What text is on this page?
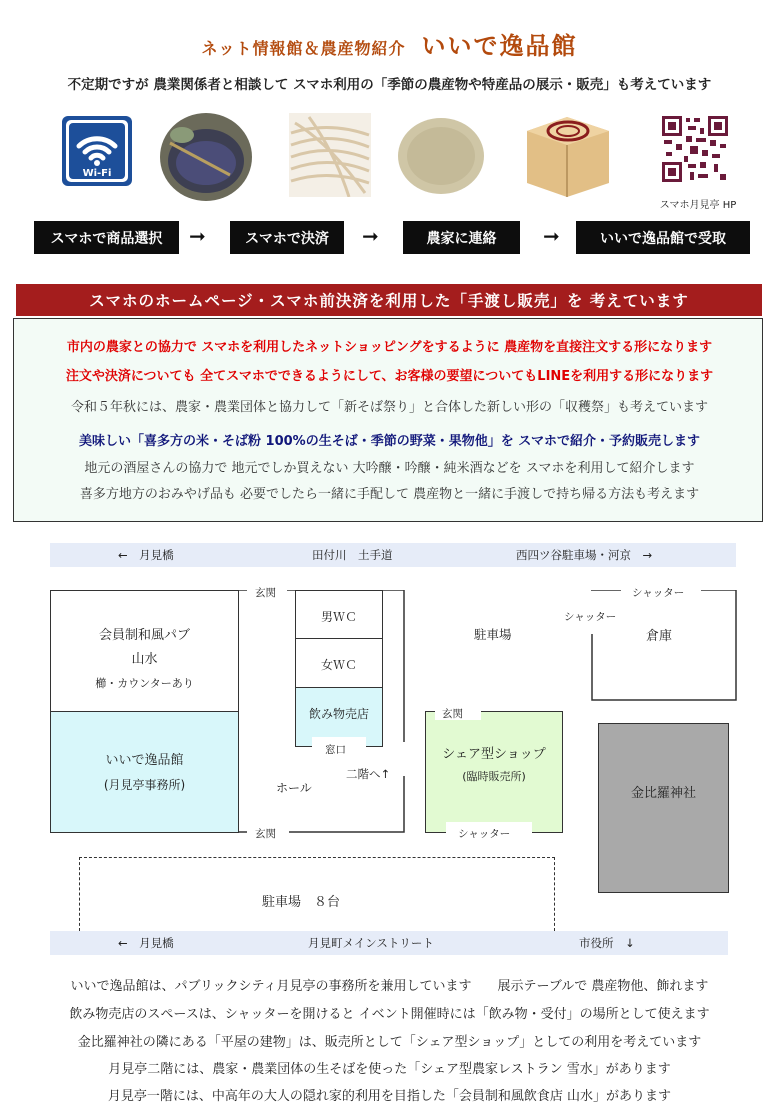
ネット情報館＆農産物紹介 いいで逸品館
不定期ですが 農業関係者と相談して スマホ利用の「季節の農産物や特産品の展示・販売」も考えています
Wi-Fi
スマホ月見亭 HP
スマホで商品選択	➞	スマホで決済	➞	農家に連絡	➞	いいで逸品館で受取
スマホのホームページ・スマホ前決済を利用した「手渡し販売」を 考えています
市内の農家との協力で スマホを利用したネットショッピングをするように 農産物を直接注文する形になります
注文や決済についても 全てスマホでできるようにして、お客様の要望についてもLINEを利用する形になります
令和５年秋には、農家・農業団体と協力して「新そば祭り」と合体した新しい形の「収穫祭」も考えています
美味しい「喜多方の米・そば粉 100%の生そば・季節の野菜・果物他」を スマホで紹介・予約販売します
地元の酒屋さんの協力で 地元でしか買えない 大吟醸・吟醸・純米酒などを スマホを利用して紹介します
喜多方地方のおみやげ品も 必要でしたら一緒に手配して 農産物と一緒に手渡しで持ち帰る方法も考えます
←　月見橋	田付川　土手道	西四ツ谷駐車場・河京　→
会員制和風パブ
山水
櫛・カウンターあり
いいで逸品館
(月見亭事務所)
玄関
玄関
男ＷＣ
女ＷＣ
飲み物売店
窓口
二階へ↑
ホール
駐車場
シャッター
シャッター
倉庫
玄関
シェア型ショップ
(臨時販売所)
シャッター
金比羅神社
駐車場　８台
←　月見橋	月見町メインストリート	市役所　↓
いいで逸品館は、パブリックシティ月見亭の事務所を兼用しています　　展示テーブルで 農産物他、飾れます
飲み物売店のスペースは、シャッターを開けると イベント開催時には「飲み物・受付」の場所として使えます
金比羅神社の隣にある「平屋の建物」は、販売所として「シェア型ショップ」としての利用を考えています
月見亭二階には、農家・農業団体の生そばを使った「シェア型農家レストラン 雪水」があります
月見亭一階には、中高年の大人の隠れ家的利用を目指した「会員制和風飲食店 山水」があります
